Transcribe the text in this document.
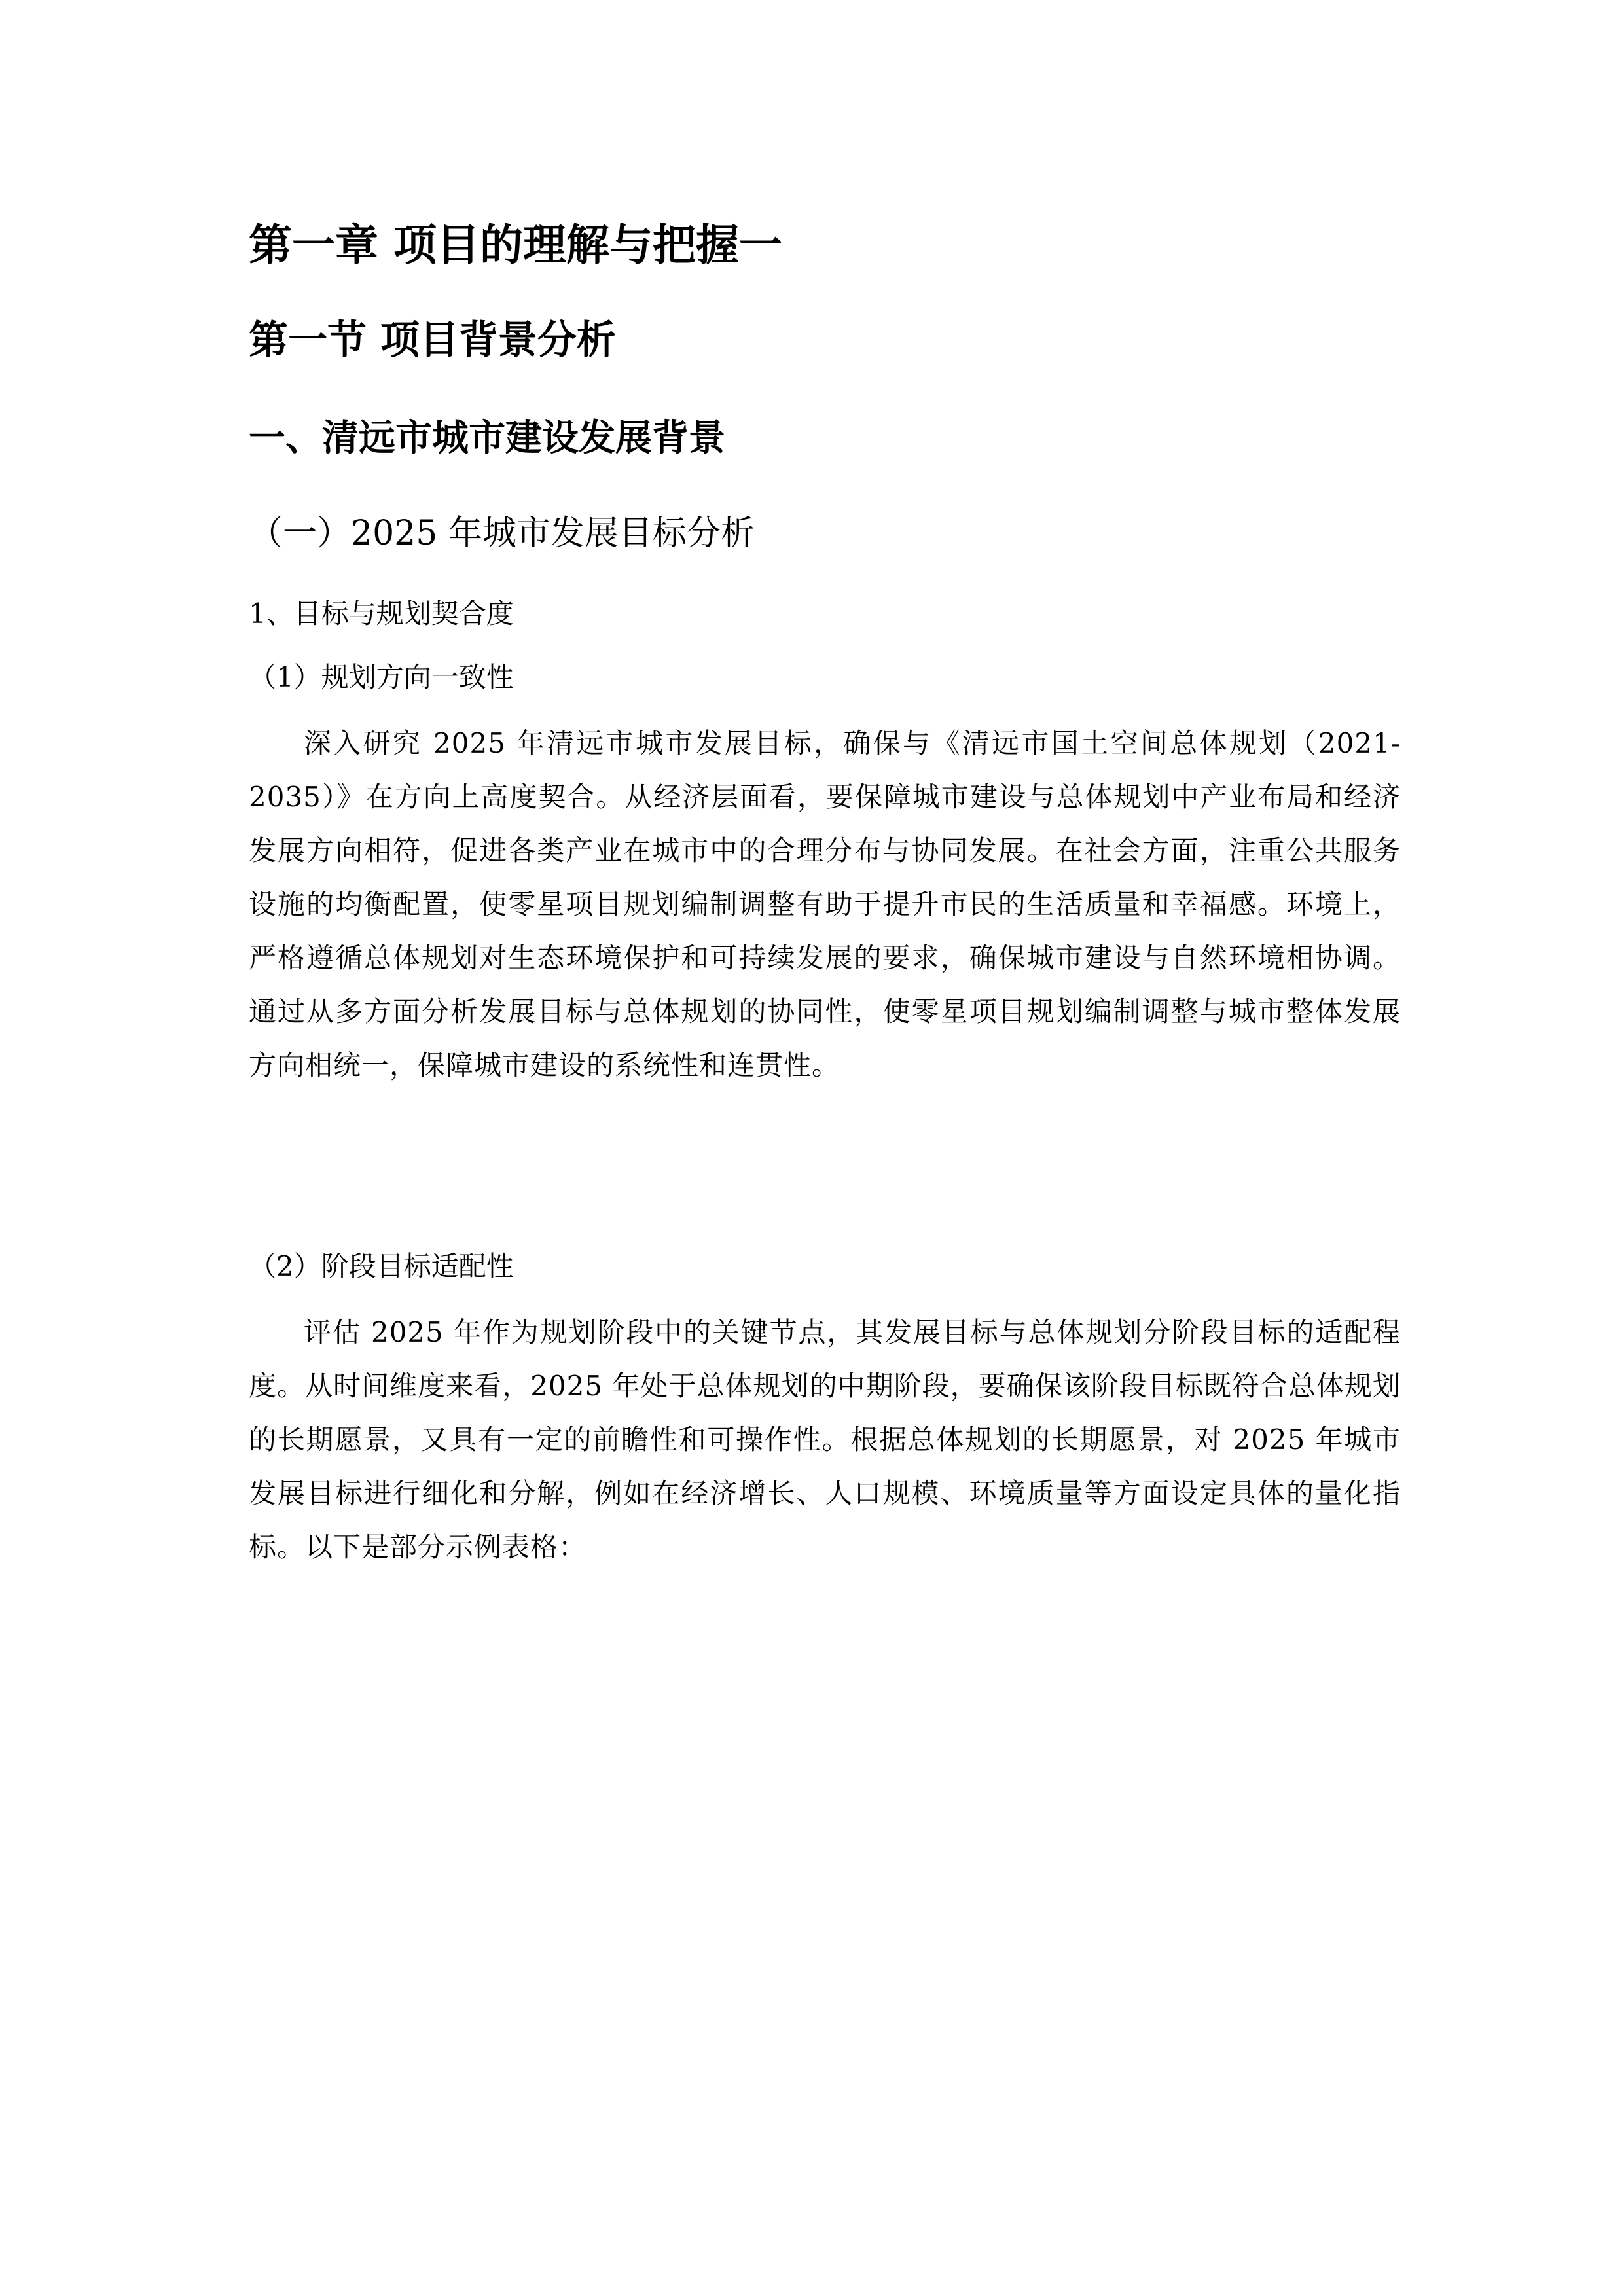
第一章 项目的理解与把握一
第一节 项目背景分析
一、清远市城市建设发展背景
（一）2025 年城市发展目标分析
1、目标与规划契合度
（1）规划方向一致性
深入研究 2025 年清远市城市发展目标，确保与《清远市国土空间总体规划（2021-2035）》在方向上高度契合。从经济层面看，要保障城市建设与总体规划中产业布局和经济发展方向相符，促进各类产业在城市中的合理分布与协同发展。在社会方面，注重公共服务设施的均衡配置，使零星项目规划编制调整有助于提升市民的生活质量和幸福感。环境上，严格遵循总体规划对生态环境保护和可持续发展的要求，确保城市建设与自然环境相协调。通过从多方面分析发展目标与总体规划的协同性，使零星项目规划编制调整与城市整体发展方向相统一，保障城市建设的系统性和连贯性。
（2）阶段目标适配性
评估 2025 年作为规划阶段中的关键节点，其发展目标与总体规划分阶段目标的适配程度。从时间维度来看，2025 年处于总体规划的中期阶段，要确保该阶段目标既符合总体规划的长期愿景，又具有一定的前瞻性和可操作性。根据总体规划的长期愿景，对 2025 年城市发展目标进行细化和分解，例如在经济增长、人口规模、环境质量等方面设定具体的量化指标。以下是部分示例表格：
